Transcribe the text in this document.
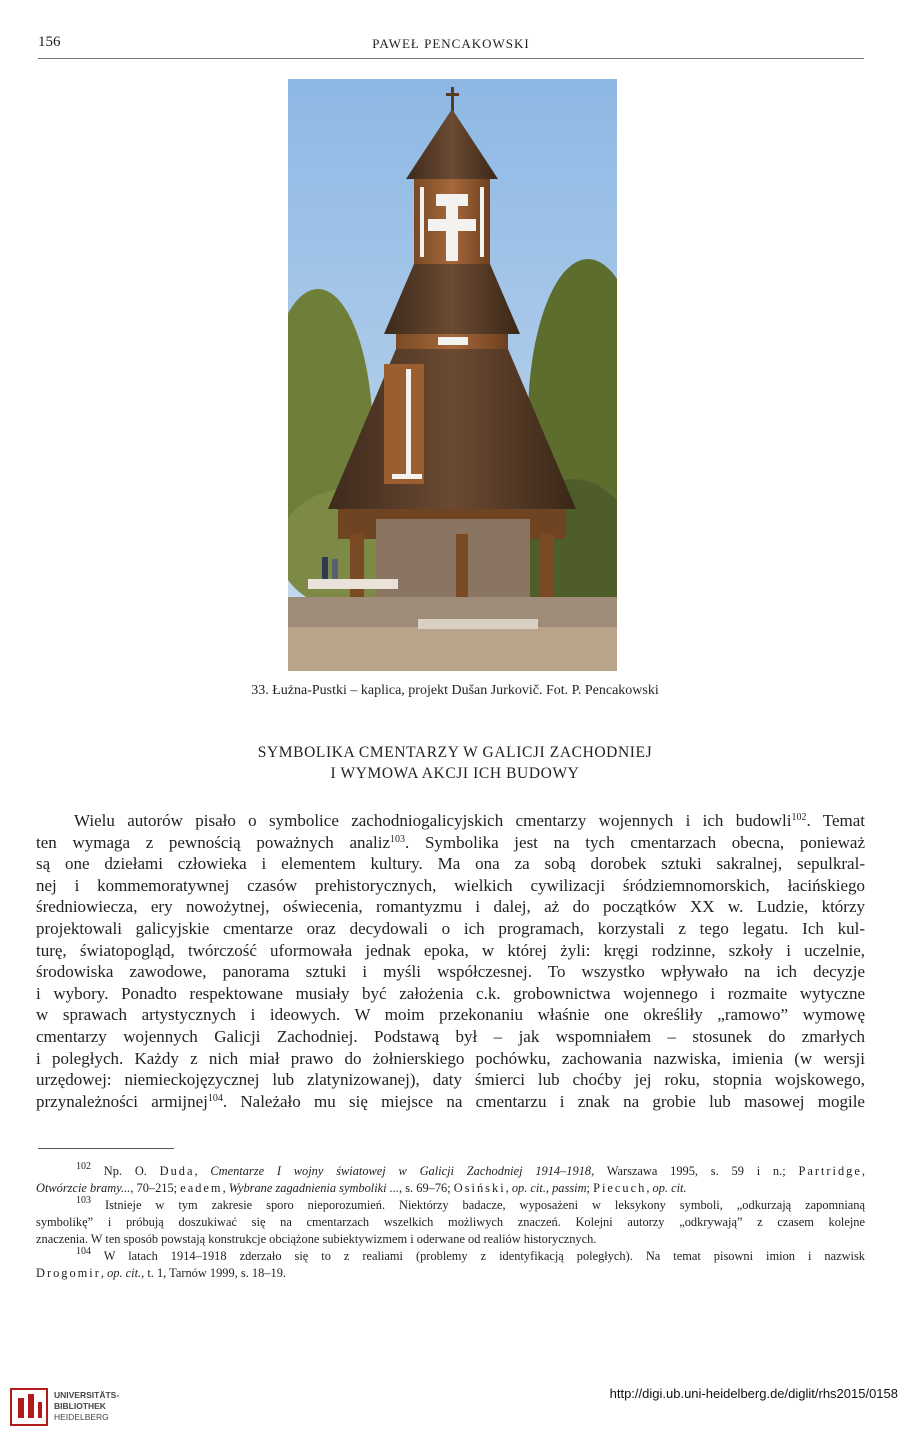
156	PAWEŁ PENCAKOWSKI
33. Łużna-Pustki – kaplica, projekt Dušan Jurkovič. Fot. P. Pencakowski
SYMBOLIKA CMENTARZY W GALICJI ZACHODNIEJ
I WYMOWA AKCJI ICH BUDOWY
Wielu autorów pisało o symbolice zachodniogalicyjskich cmentarzy wojennych i ich budowli$^{102}$. Temat
ten wymaga z pewnością poważnych analiz$^{103}$. Symbolika jest na tych cmentarzach obecna, ponieważ
są one dziełami człowieka i elementem kultury. Ma ona za sobą dorobek sztuki sakralnej, sepulkral-
nej i kommemoratywnej czasów prehistorycznych, wielkich cywilizacji śródziemnomorskich, łacińskiego
średniowiecza, ery nowożytnej, oświecenia, romantyzmu i dalej, aż do początków XX w. Ludzie, którzy
projektowali galicyjskie cmentarze oraz decydowali o ich programach, korzystali z tego legatu. Ich kul-
turę, światopogląd, twórczość uformowała jednak epoka, w której żyli: kręgi rodzinne, szkoły i uczelnie,
środowiska zawodowe, panorama sztuki i myśli współczesnej. To wszystko wpływało na ich decyzje
i wybory. Ponadto respektowane musiały być założenia c.k. grobownictwa wojennego i rozmaite wytyczne
w sprawach artystycznych i ideowych. W moim przekonaniu właśnie one określiły „ramowo” wymowę
cmentarzy wojennych Galicji Zachodniej. Podstawą był – jak wspomniałem – stosunek do zmarłych
i poległych. Każdy z nich miał prawo do żołnierskiego pochówku, zachowania nazwiska, imienia (w wersji
urzędowej: niemieckojęzycznej lub zlatynizowanej), daty śmierci lub choćby jej roku, stopnia wojskowego,
przynależności armijnej$^{104}$. Należało mu się miejsce na cmentarzu i znak na grobie lub masowej mogile
$^{102}$ Np. O. Duda, Cmentarze I wojny światowej w Galicji Zachodniej 1914–1918, Warszawa 1995, s. 59 i n.; Partridge,
Otwórzcie bramy..., 70–215; eadem, Wybrane zagadnienia symboliki ..., s. 69–76; Osiński, op. cit., passim; Piecuch, op. cit.
$^{103}$ Istnieje w tym zakresie sporo nieporozumień. Niektórzy badacze, wyposażeni w leksykony symboli, „odkurzają zapomnianą
symbolikę” i próbują doszukiwać się na cmentarzach wszelkich możliwych znaczeń. Kolejni autorzy „odkrywają” z czasem kolejne
znaczenia. W ten sposób powstają konstrukcje obciążone subiektywizmem i oderwane od realiów historycznych.
$^{104}$ W latach 1914–1918 zderzało się to z realiami (problemy z identyfikacją poległych). Na temat pisowni imion i nazwisk
Drogomir, op. cit., t. 1, Tarnów 1999, s. 18–19.
UNIVERSITÄTS-
BIBLIOTHEK
HEIDELBERG
http://digi.ub.uni-heidelberg.de/diglit/rhs2015/0158
